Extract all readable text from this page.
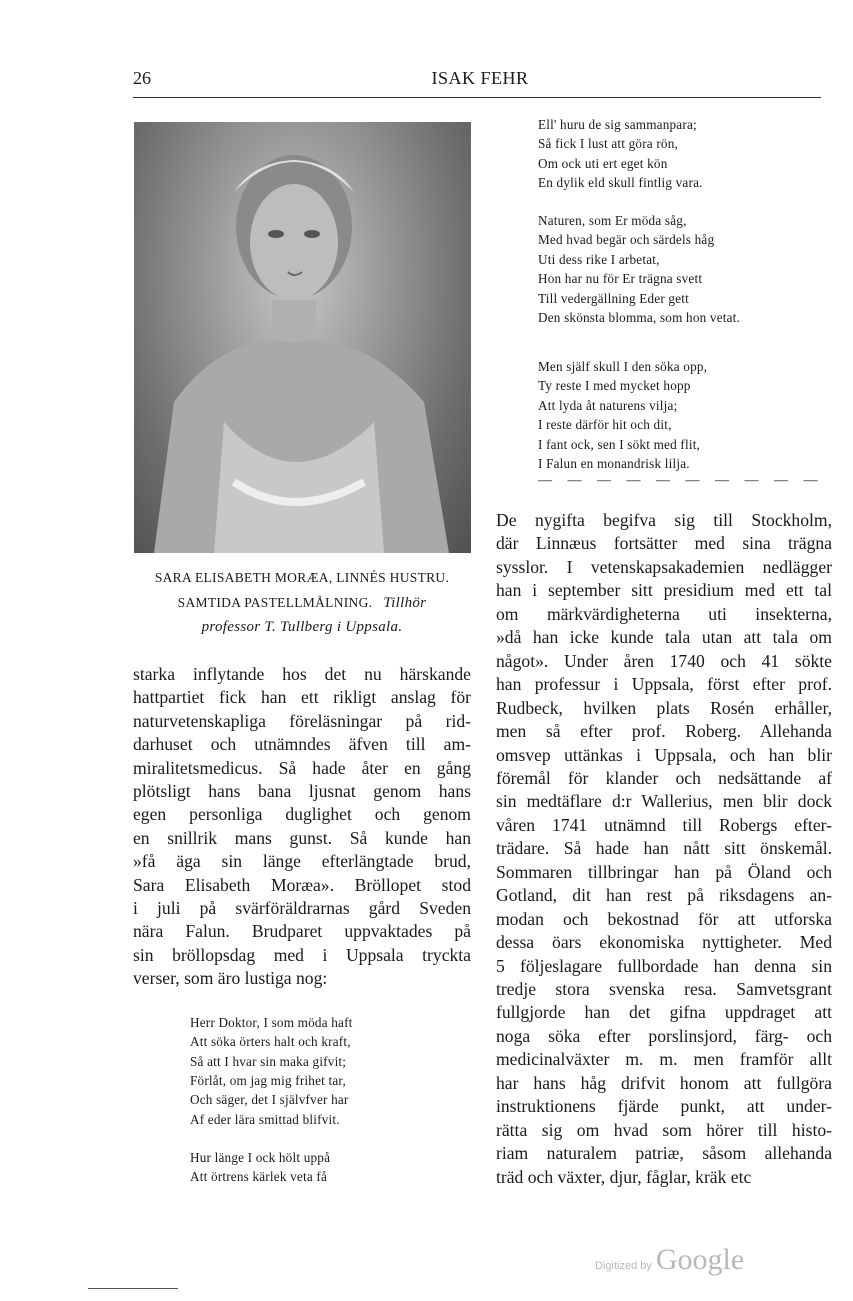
26	ISAK FEHR
SARA ELISABETH MORÆA, LINNÉS HUSTRU.
SAMTIDA PASTELLMÅLNING. Tillhör
professor T. Tullberg i Uppsala.
starka inflytande hos det nu härskande
hattpartiet fick han ett rikligt anslag för
naturvetenskapliga föreläsningar på rid-
darhuset och utnämndes äfven till am-
miralitetsmedicus. Så hade åter en gång
plötsligt hans bana ljusnat genom hans
egen personliga duglighet och genom
en snillrik mans gunst. Så kunde han
»få äga sin länge efterlängtade brud,
Sara Elisabeth Moræa». Bröllopet stod
i juli på svärföräldrarnas gård Sveden
nära Falun. Brudparet uppvaktades på
sin bröllopsdag med i Uppsala tryckta
verser, som äro lustiga nog:
De nygifta begifva sig till Stockholm,
där Linnæus fortsätter med sina trägna
sysslor. I vetenskapsakademien nedlägger
han i september sitt presidium med ett tal
om märkvärdigheterna uti insekterna,
»då han icke kunde tala utan att tala om
något». Under åren 1740 och 41 sökte
han professur i Uppsala, först efter prof.
Rudbeck, hvilken plats Rosén erhåller,
men så efter prof. Roberg. Allehanda
omsvep uttänkas i Uppsala, och han blir
föremål för klander och nedsättande af
sin medtäflare d:r Wallerius, men blir dock
våren 1741 utnämnd till Robergs efter-
trädare. Så hade han nått sitt önskemål.
Sommaren tillbringar han på Öland och
Gotland, dit han rest på riksdagens an-
modan och bekostnad för att utforska
dessa öars ekonomiska nyttigheter. Med
5 följeslagare fullbordade han denna sin
tredje stora svenska resa. Samvetsgrant
fullgjorde han det gifna uppdraget att
noga söka efter porslinsjord, färg- och
medicinalväxter m. m. men framför allt
har hans håg drifvit honom att fullgöra
instruktionens fjärde punkt, att under-
rätta sig om hvad som hörer till histo-
riam naturalem patriæ, såsom allehanda
träd och växter, djur, fåglar, kräk etc
Ell' huru de sig sammanpara;
Så fick I lust att göra rön,
Om ock uti ert eget kön
En dylik eld skull fintlig vara.
Naturen, som Er möda såg,
Med hvad begär och särdels håg
Uti dess rike I arbetat,
Hon har nu för Er trägna svett
Till vedergällning Eder gett
Den skönsta blomma, som hon vetat.
Men själf skull I den söka opp,
Ty reste I med mycket hopp
Att lyda åt naturens vilja;
I reste därför hit och dit,
I fant ock, sen I sökt med flit,
I Falun en monandrisk lilja.
Herr Doktor, I som möda haft
Att söka örters halt och kraft,
Så att I hvar sin maka gifvit;
Förlåt, om jag mig frihet tar,
Och säger, det I självfver har
Af eder lära smittad blifvit.
Hur länge I ock hölt uppå
Att örtrens kärlek veta få
— — — — — — — — — —
Digitized by Google
